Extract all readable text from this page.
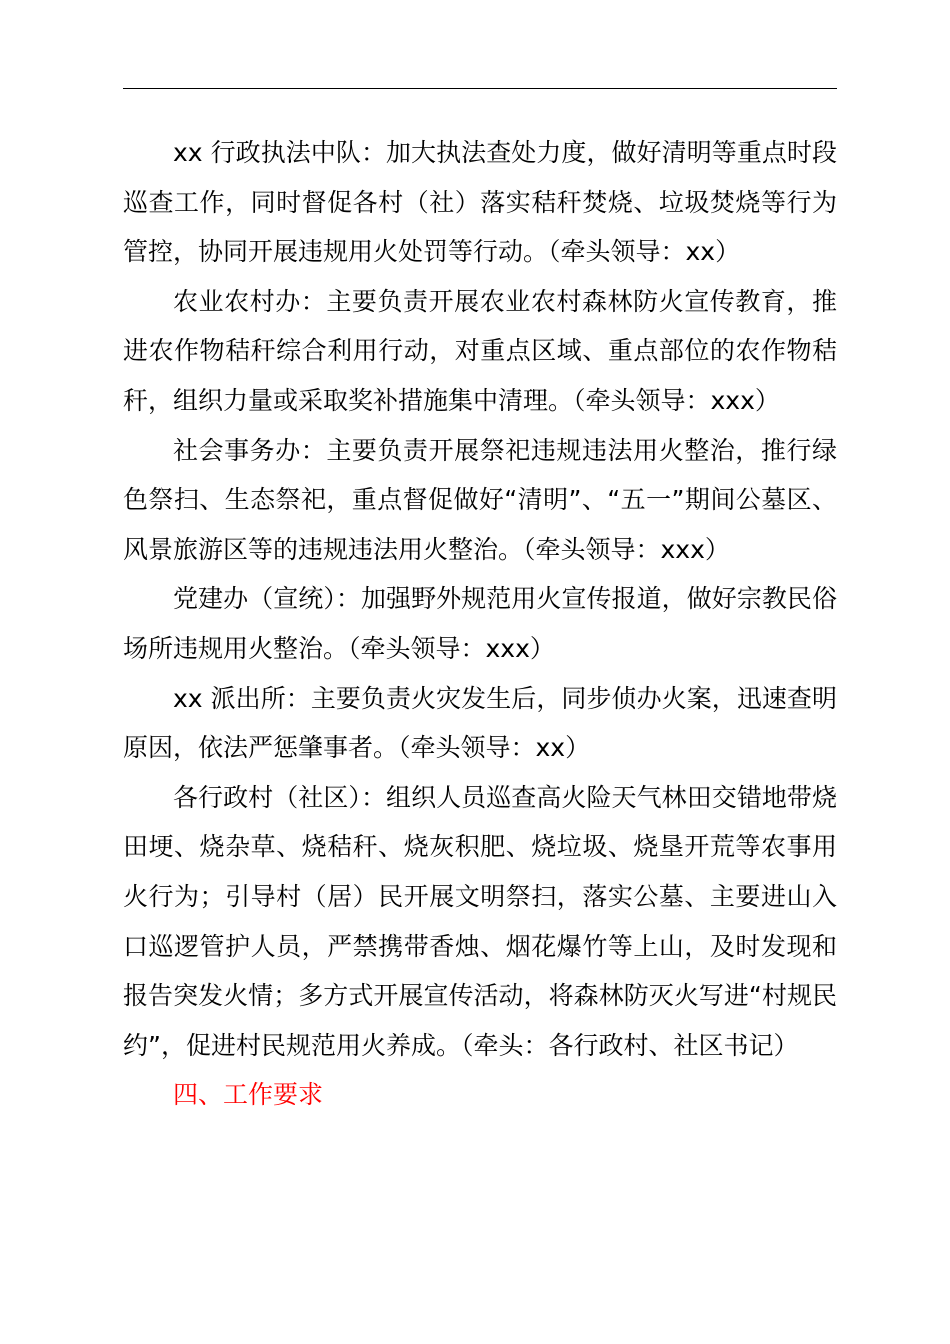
xx 行政执法中队：加大执法查处力度，做好清明等重点时段巡查工作，同时督促各村（社）落实秸秆焚烧、垃圾焚烧等行为管控，协同开展违规用火处罚等行动。（牵头领导：xx）

农业农村办：主要负责开展农业农村森林防火宣传教育，推进农作物秸秆综合利用行动，对重点区域、重点部位的农作物秸秆，组织力量或采取奖补措施集中清理。（牵头领导：xxx）

社会事务办：主要负责开展祭祀违规违法用火整治，推行绿色祭扫、生态祭祀，重点督促做好“清明”、“五一”期间公墓区、风景旅游区等的违规违法用火整治。（牵头领导：xxx）

党建办（宣统）：加强野外规范用火宣传报道，做好宗教民俗场所违规用火整治。（牵头领导：xxx）

xx 派出所：主要负责火灾发生后，同步侦办火案，迅速查明原因，依法严惩肇事者。（牵头领导：xx）

各行政村（社区）：组织人员巡查高火险天气林田交错地带烧田埂、烧杂草、烧秸秆、烧灰积肥、烧垃圾、烧垦开荒等农事用火行为；引导村（居）民开展文明祭扫，落实公墓、主要进山入口巡逻管护人员，严禁携带香烛、烟花爆竹等上山，及时发现和报告突发火情；多方式开展宣传活动，将森林防灭火写进“村规民约”，促进村民规范用火养成。（牵头：各行政村、社区书记）

四、工作要求
